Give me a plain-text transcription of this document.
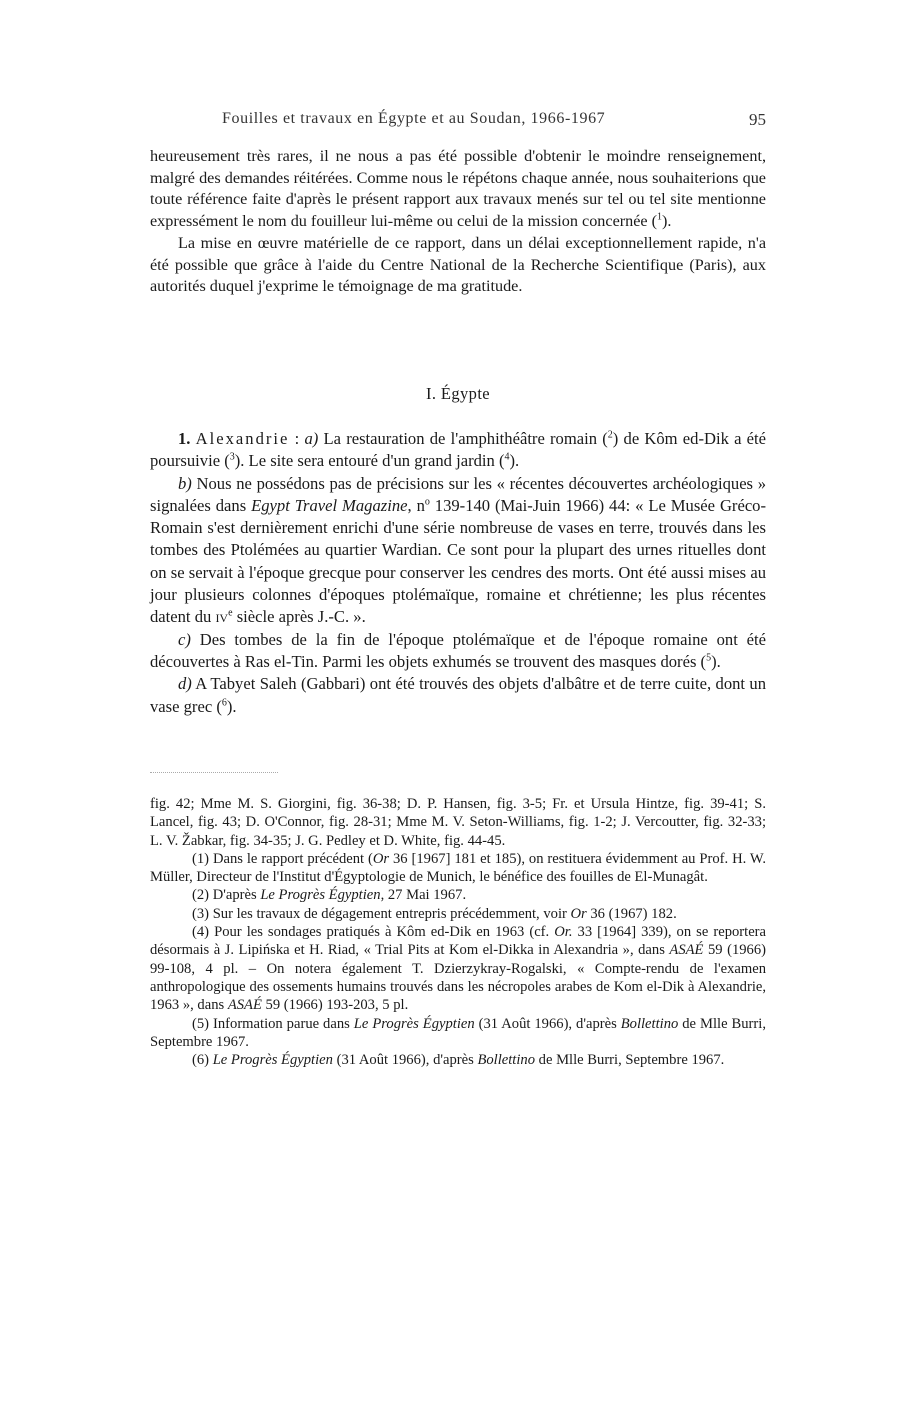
Fouilles et travaux en Égypte et au Soudan, 1966-1967	95

heureusement très rares, il ne nous a pas été possible d'obtenir le moindre renseignement, malgré des demandes réitérées. Comme nous le répétons chaque année, nous souhaiterions que toute référence faite d'après le présent rapport aux travaux menés sur tel ou tel site mentionne expressément le nom du fouilleur lui-même ou celui de la mission concernée ($^1$).

La mise en œuvre matérielle de ce rapport, dans un délai exceptionnellement rapide, n'a été possible que grâce à l'aide du Centre National de la Recherche Scientifique (Paris), aux autorités duquel j'exprime le témoignage de ma gratitude.

I. Égypte

1. Alexandrie : a) La restauration de l'amphithéâtre romain ($^2$) de Kôm ed-Dik a été poursuivie ($^3$). Le site sera entouré d'un grand jardin ($^4$).

b) Nous ne possédons pas de précisions sur les « récentes découvertes archéologiques » signalées dans Egypt Travel Magazine, $n^o$ 139-140 (Mai-Juin 1966) 44: « Le Musée Gréco-Romain s'est dernièrement enrichi d'une série nombreuse de vases en terre, trouvés dans les tombes des Ptolémées au quartier Wardian. Ce sont pour la plupart des urnes rituelles dont on se servait à l'époque grecque pour conserver les cendres des morts. Ont été aussi mises au jour plusieurs colonnes d'époques ptolémaïque, romaine et chrétienne; les plus récentes datent du $iv^e$ siècle après J.-C. ».

c) Des tombes de la fin de l'époque ptolémaïque et de l'époque romaine ont été découvertes à Ras el-Tin. Parmi les objets exhumés se trouvent des masques dorés ($^5$).

d) A Tabyet Saleh (Gabbari) ont été trouvés des objets d'albâtre et de terre cuite, dont un vase grec ($^6$).

fig. 42; Mme M. S. Giorgini, fig. 36-38; D. P. Hansen, fig. 3-5; Fr. et Ursula Hintze, fig. 39-41; S. Lancel, fig. 43; D. O'Connor, fig. 28-31; Mme M. V. Seton-Williams, fig. 1-2; J. Vercoutter, fig. 32-33; L. V. Žabkar, fig. 34-35; J. G. Pedley et D. White, fig. 44-45.

(1) Dans le rapport précédent (Or 36 [1967] 181 et 185), on restituera évidemment au Prof. H. W. Müller, Directeur de l'Institut d'Égyptologie de Munich, le bénéfice des fouilles de El-Munagât.

(2) D'après Le Progrès Égyptien, 27 Mai 1967.

(3) Sur les travaux de dégagement entrepris précédemment, voir Or 36 (1967) 182.

(4) Pour les sondages pratiqués à Kôm ed-Dik en 1963 (cf. Or. 33 [1964] 339), on se reportera désormais à J. Lipińska et H. Riad, « Trial Pits at Kom el-Dikka in Alexandria », dans ASAÉ 59 (1966) 99-108, 4 pl. – On notera également T. Dzierzykray-Rogalski, « Compte-rendu de l'examen anthropologique des ossements humains trouvés dans les nécropoles arabes de Kom el-Dik à Alexandrie, 1963 », dans ASAÉ 59 (1966) 193-203, 5 pl.

(5) Information parue dans Le Progrès Égyptien (31 Août 1966), d'après Bollettino de Mlle Burri, Septembre 1967.

(6) Le Progrès Égyptien (31 Août 1966), d'après Bollettino de Mlle Burri, Septembre 1967.
